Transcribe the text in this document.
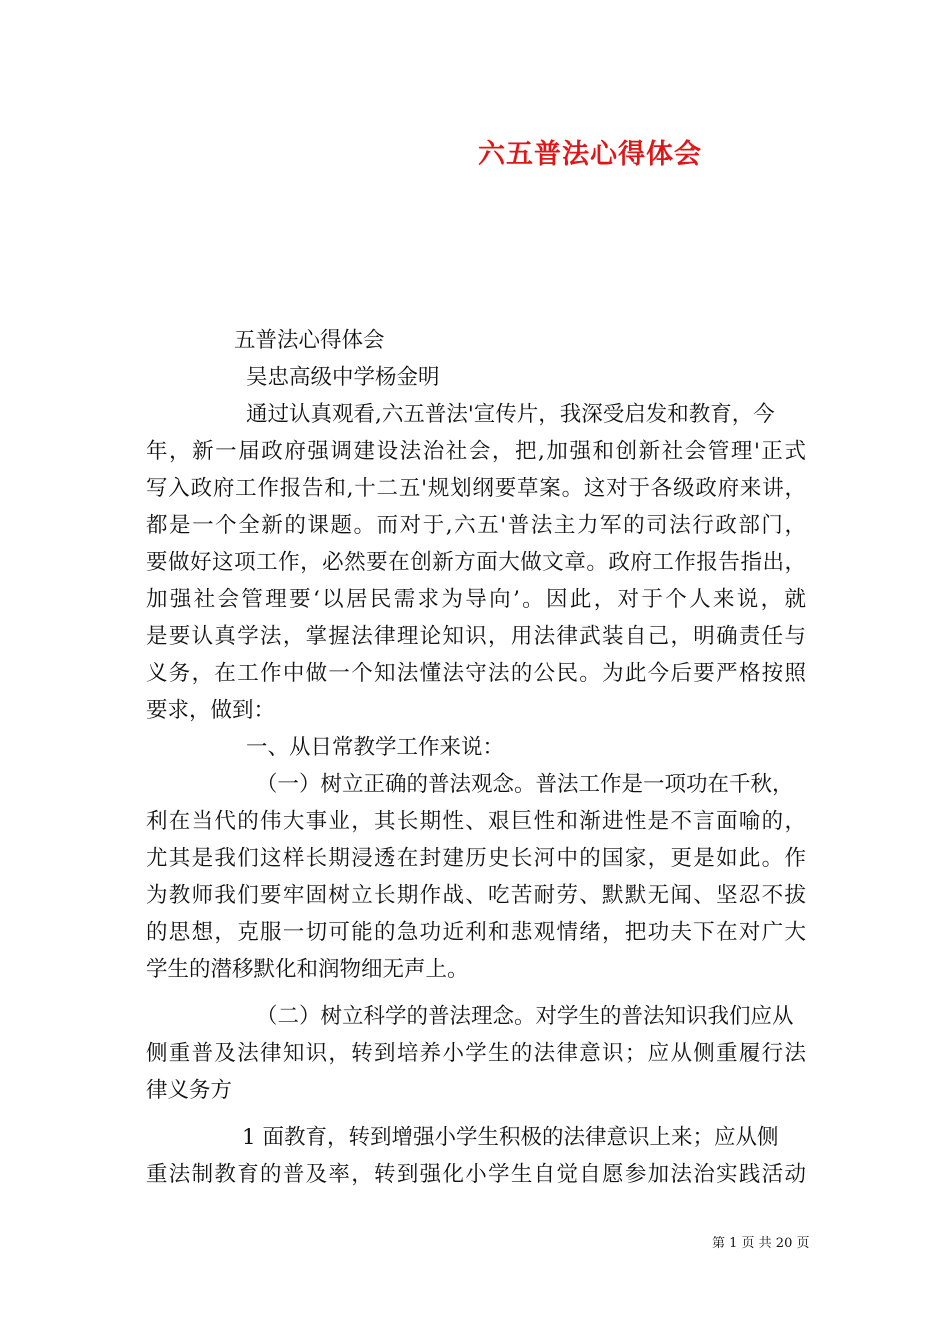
六五普法心得体会
五普法心得体会
吴忠高级中学杨金明
通过认真观看,六五普法'宣传片，我深受启发和教育，今
年，新一届政府强调建设法治社会，把,加强和创新社会管理'正式
写入政府工作报告和,十二五'规划纲要草案。这对于各级政府来讲，
都是一个全新的课题。而对于,六五'普法主力军的司法行政部门，
要做好这项工作，必然要在创新方面大做文章。政府工作报告指出，
加强社会管理要‘以居民需求为导向’。因此，对于个人来说，就
是要认真学法，掌握法律理论知识，用法律武装自己，明确责任与
义务，在工作中做一个知法懂法守法的公民。为此今后要严格按照
要求，做到：
一、从日常教学工作来说：
（一）树立正确的普法观念。普法工作是一项功在千秋，
利在当代的伟大事业，其长期性、艰巨性和渐进性是不言面喻的，
尤其是我们这样长期浸透在封建历史长河中的国家，更是如此。作
为教师我们要牢固树立长期作战、吃苦耐劳、默默无闻、坚忍不拔
的思想，克服一切可能的急功近利和悲观情绪，把功夫下在对广大
学生的潜移默化和润物细无声上。
（二）树立科学的普法理念。对学生的普法知识我们应从
侧重普及法律知识，转到培养小学生的法律意识；应从侧重履行法
律义务方
1 面教育，转到增强小学生积极的法律意识上来；应从侧
重法制教育的普及率，转到强化小学生自觉自愿参加法治实践活动
第 1 页 共 20 页
